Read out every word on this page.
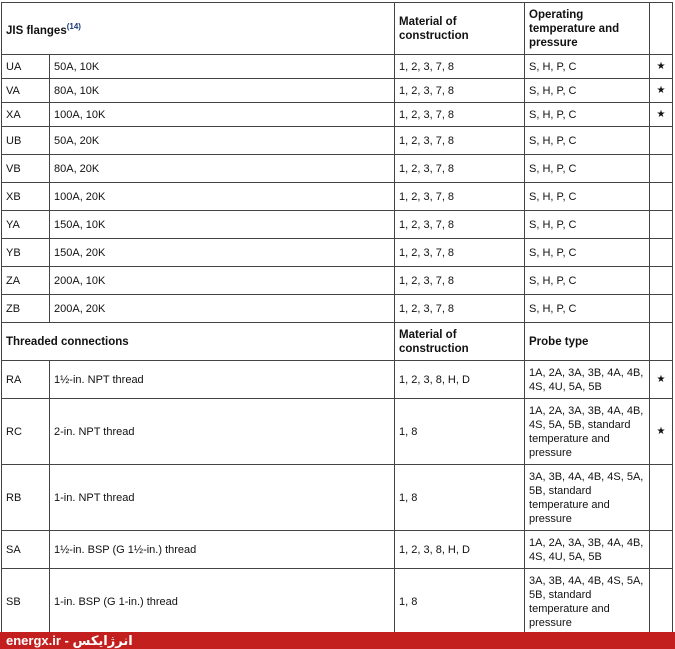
JIS flanges$^{(14)}$		Material of construction	Operating temperature and pressure	
UA	50A, 10K	1, 2, 3, 7, 8	S, H, P, C	★
VA	80A, 10K	1, 2, 3, 7, 8	S, H, P, C	★
XA	100A, 10K	1, 2, 3, 7, 8	S, H, P, C	★
UB	50A, 20K	1, 2, 3, 7, 8	S, H, P, C	
VB	80A, 20K	1, 2, 3, 7, 8	S, H, P, C	
XB	100A, 20K	1, 2, 3, 7, 8	S, H, P, C	
YA	150A, 10K	1, 2, 3, 7, 8	S, H, P, C	
YB	150A, 20K	1, 2, 3, 7, 8	S, H, P, C	
ZA	200A, 10K	1, 2, 3, 7, 8	S, H, P, C	
ZB	200A, 20K	1, 2, 3, 7, 8	S, H, P, C	
Threaded connections		Material of construction	Probe type	
RA	1½-in. NPT thread	1, 2, 3, 8, H, D	1A, 2A, 3A, 3B, 4A, 4B, 4S, 4U, 5A, 5B	★
RC	2-in. NPT thread	1, 8	1A, 2A, 3A, 3B, 4A, 4B, 4S, 5A, 5B, standard temperature and pressure	★
RB	1-in. NPT thread	1, 8	3A, 3B, 4A, 4B, 4S, 5A, 5B, standard temperature and pressure	
SA	1½-in. BSP (G 1½-in.) thread	1, 2, 3, 8, H, D	1A, 2A, 3A, 3B, 4A, 4B, 4S, 4U, 5A, 5B	
SB	1-in. BSP (G 1-in.) thread	1, 8	3A, 3B, 4A, 4B, 4S, 5A, 5B, standard temperature and pressure	
energx.ir - انرژایکس
